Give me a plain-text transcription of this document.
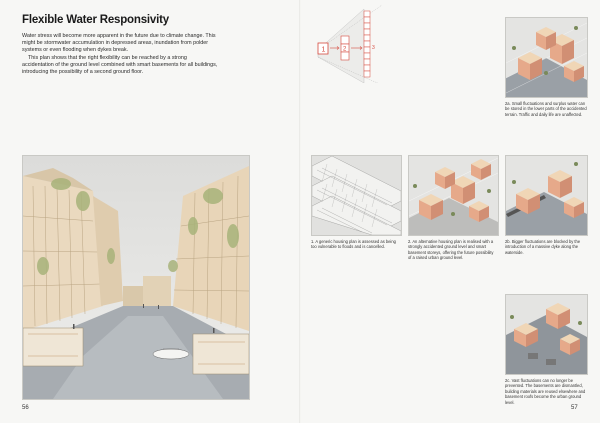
Flexible Water Responsivity

Water stress will become more apparent in the future due to climate change. This might be stormwater accumulation in depressed areas, inundation from polder systems or even flooding when dykes break.

This plan shows that the right flexibility can be reached by a strong accidentation of the ground level combined with smart basements for all buildings, introducing the possibility of a second ground floor.

1	2	3
56
2a. Small fluctuations and surplus water can be stored in the lower parts of the accidented terrain. Traffic and daily life are unaffected.
1. A generic housing plan is assessed as being too vulnerable to floods and is cancelled.
2. An alternative housing plan is realised with a strongly accidented ground level and smart basement storeys, offering the future possibility of a raised urban ground level.
2b. Bigger fluctuations are blocked by the introduction of a massive dyke along the waterside.
2c. Vast fluctuations can no longer be prevented. The basements are dismantled, building materials are reused elsewhere and basement roofs become the urban ground level.
57
